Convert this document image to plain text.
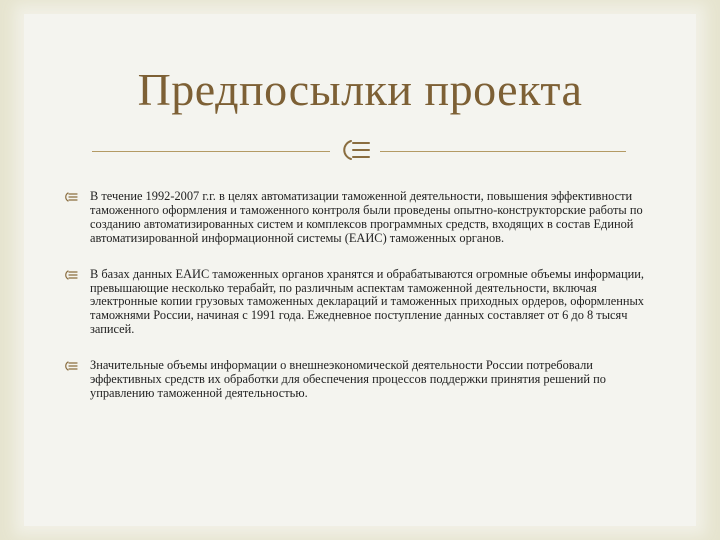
Предпосылки проекта
В течение 1992-2007 г.г. в целях автоматизации таможенной деятельности, повышения эффективности таможенного оформления и таможенного контроля были проведены опытно-конструкторские работы по созданию автоматизированных систем и комплексов программных средств, входящих в состав Единой автоматизированной информационной системы (ЕАИС) таможенных органов.
В базах данных ЕАИС таможенных органов хранятся и обрабатываются огромные объемы информации, превышающие несколько терабайт, по различным аспектам таможенной деятельности, включая электронные копии грузовых таможенных деклараций и таможенных приходных ордеров, оформленных таможнями России, начиная с 1991 года. Ежедневное поступление данных составляет от 6 до 8 тысяч записей.
Значительные объемы информации о внешнеэкономической деятельности России потребовали эффективных средств их обработки для обеспечения процессов поддержки принятия решений по управлению таможенной деятельностью.
